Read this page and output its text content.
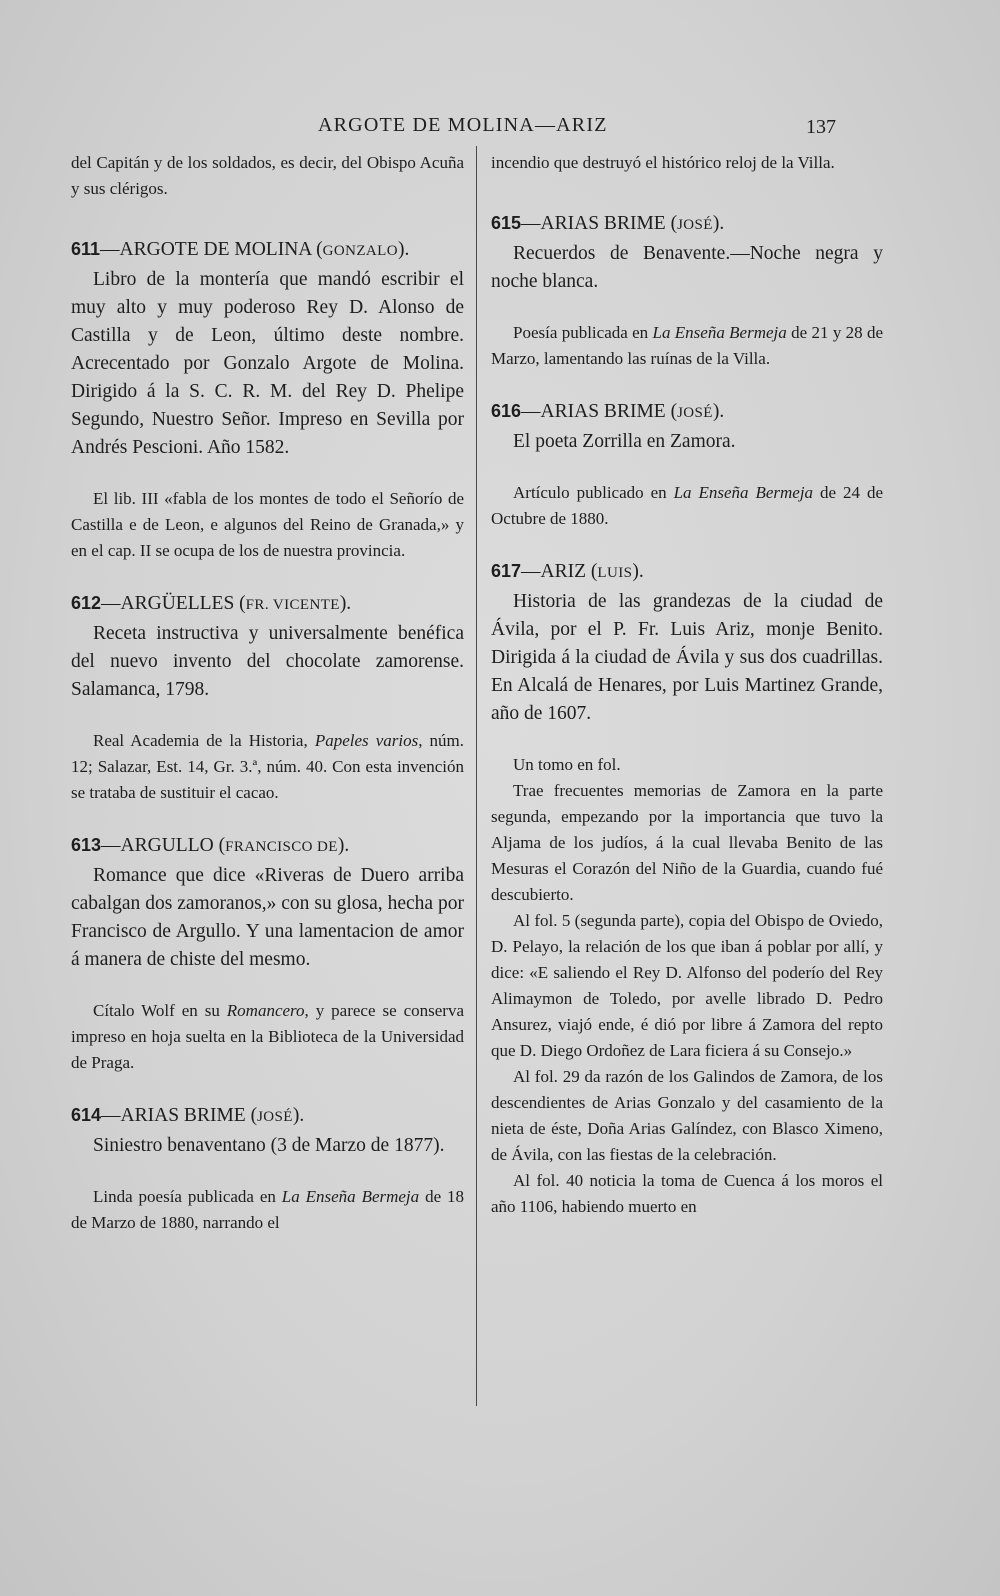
ARGOTE DE MOLINA—ARIZ	137

del Capitán y de los soldados, es decir, del Obispo Acuña y sus clérigos.

611—ARGOTE DE MOLINA (GONZALO).

Libro de la montería que mandó escribir el muy alto y muy poderoso Rey D. Alonso de Castilla y de Leon, último deste nombre. Acrecentado por Gonzalo Argote de Molina. Dirigido á la S. C. R. M. del Rey D. Phelipe Segundo, Nuestro Señor. Impreso en Sevilla por Andrés Pescioni. Año 1582.

El lib. III «fabla de los montes de todo el Señorío de Castilla e de Leon, e algunos del Reino de Granada,» y en el cap. II se ocupa de los de nuestra provincia.

612—ARGÜELLES (FR. VICENTE).

Receta instructiva y universalmente benéfica del nuevo invento del chocolate zamorense. Salamanca, 1798.

Real Academia de la Historia, Papeles varios, núm. 12; Salazar, Est. 14, Gr. 3.ª, núm. 40. Con esta invención se trataba de sustituir el cacao.

613—ARGULLO (FRANCISCO DE).

Romance que dice «Riveras de Duero arriba cabalgan dos zamoranos,» con su glosa, hecha por Francisco de Argullo. Y una lamentacion de amor á manera de chiste del mesmo.

Cítalo Wolf en su Romancero, y parece se conserva impreso en hoja suelta en la Biblioteca de la Universidad de Praga.

614—ARIAS BRIME (JOSÉ).

Siniestro benaventano (3 de Marzo de 1877).

Linda poesía publicada en La Enseña Bermeja de 18 de Marzo de 1880, narrando el

incendio que destruyó el histórico reloj de la Villa.

615—ARIAS BRIME (JOSÉ).

Recuerdos de Benavente.—Noche negra y noche blanca.

Poesía publicada en La Enseña Bermeja de 21 y 28 de Marzo, lamentando las ruínas de la Villa.

616—ARIAS BRIME (JOSÉ).

El poeta Zorrilla en Zamora.

Artículo publicado en La Enseña Bermeja de 24 de Octubre de 1880.

617—ARIZ (LUIS).

Historia de las grandezas de la ciudad de Ávila, por el P. Fr. Luis Ariz, monje Benito. Dirigida á la ciudad de Ávila y sus dos cuadrillas. En Alcalá de Henares, por Luis Martinez Grande, año de 1607.

Un tomo en fol.

Trae frecuentes memorias de Zamora en la parte segunda, empezando por la importancia que tuvo la Aljama de los judíos, á la cual llevaba Benito de las Mesuras el Corazón del Niño de la Guardia, cuando fué descubierto.

Al fol. 5 (segunda parte), copia del Obispo de Oviedo, D. Pelayo, la relación de los que iban á poblar por allí, y dice: «E saliendo el Rey D. Alfonso del poderío del Rey Alimaymon de Toledo, por avelle librado D. Pedro Ansurez, viajó ende, é dió por libre á Zamora del repto que D. Diego Ordoñez de Lara ficiera á su Consejo.»

Al fol. 29 da razón de los Galindos de Zamora, de los descendientes de Arias Gonzalo y del casamiento de la nieta de éste, Doña Arias Galíndez, con Blasco Ximeno, de Ávila, con las fiestas de la celebración.

Al fol. 40 noticia la toma de Cuenca á los moros el año 1106, habiendo muerto en
